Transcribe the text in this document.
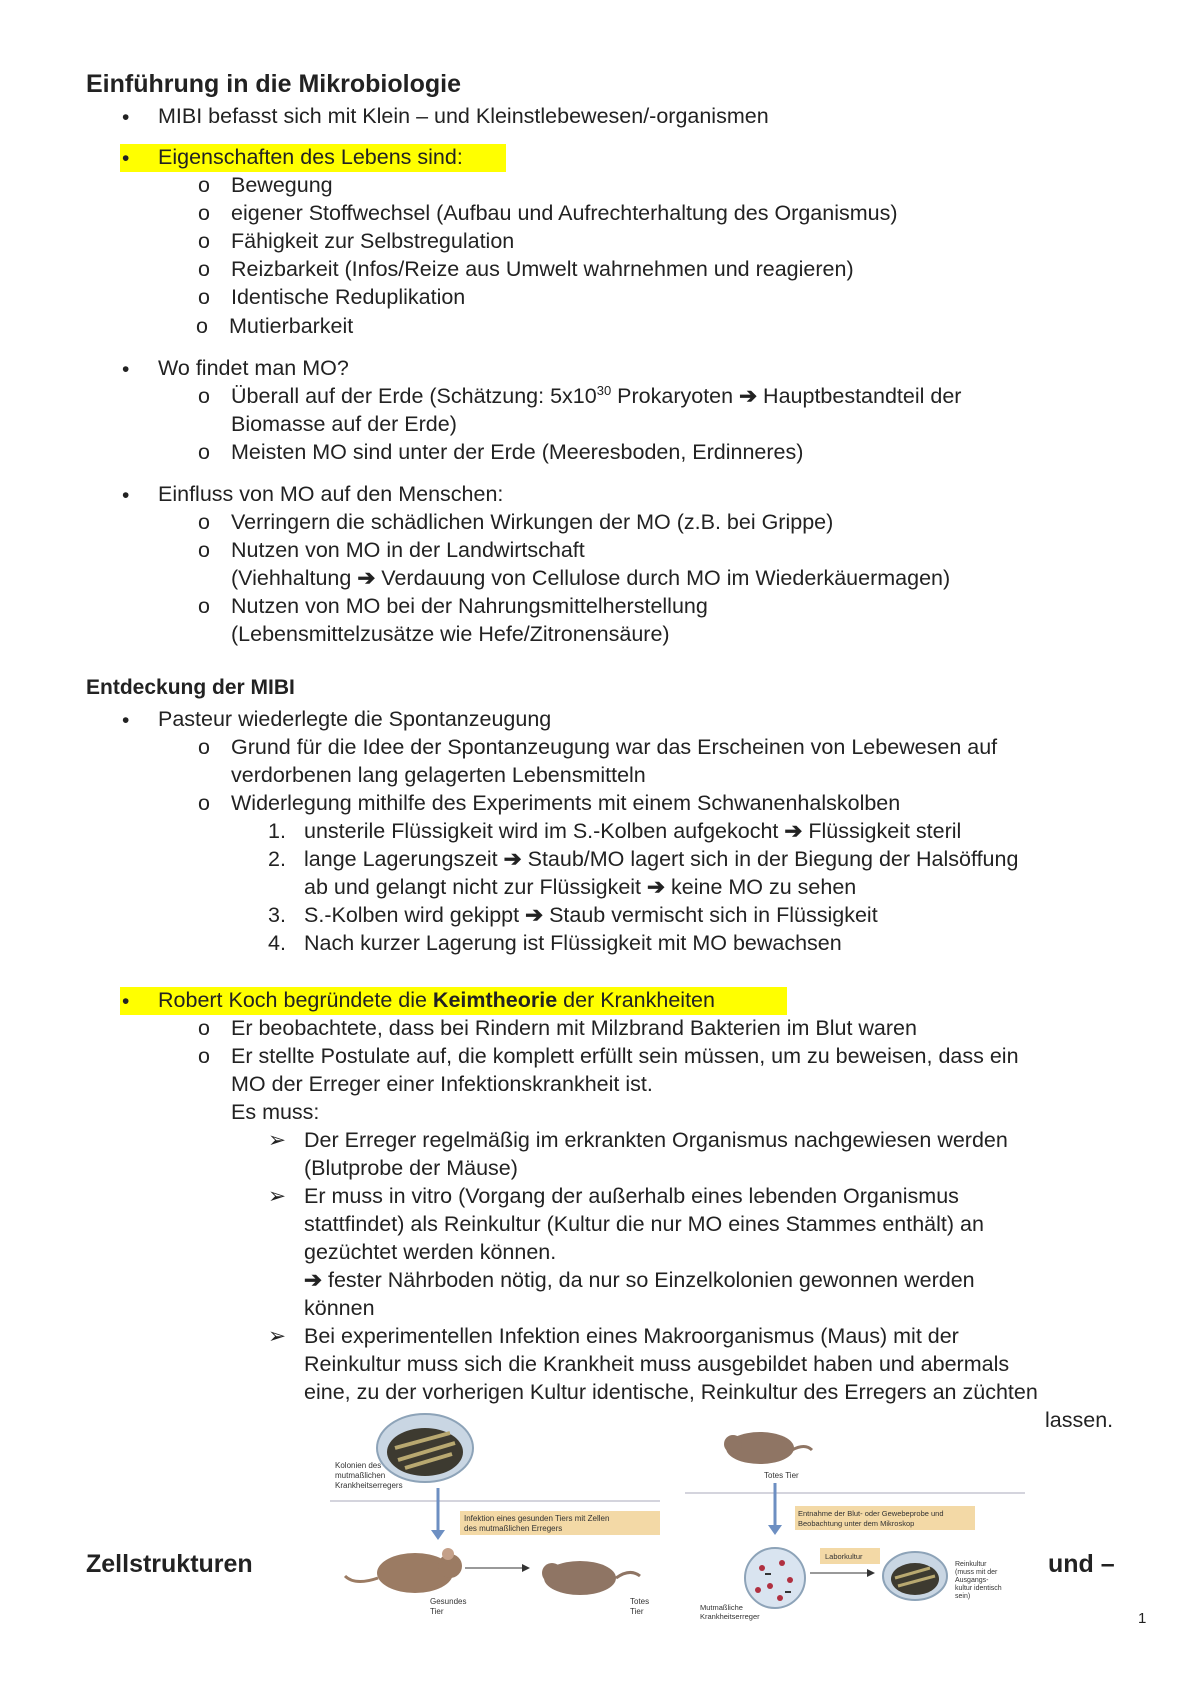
Einführung in die Mikrobiologie
• MIBI befasst sich mit Klein – und Kleinstlebewesen/-organismen
• Eigenschaften des Lebens sind:
o Bewegung
o eigener Stoffwechsel (Aufbau und Aufrechterhaltung des Organismus)
o Fähigkeit zur Selbstregulation
o Reizbarkeit (Infos/Reize aus Umwelt wahrnehmen und reagieren)
o Identische Reduplikation
o Mutierbarkeit
• Wo findet man MO?
o Überall auf der Erde (Schätzung: $5x10^{30}$ Prokaryoten ➔ Hauptbestandteil der
Biomasse auf der Erde)
o Meisten MO sind unter der Erde (Meeresboden, Erdinneres)
• Einfluss von MO auf den Menschen:
o Verringern die schädlichen Wirkungen der MO (z.B. bei Grippe)
o Nutzen von MO in der Landwirtschaft
(Viehhaltung ➔ Verdauung von Cellulose durch MO im Wiederkäuermagen)
o Nutzen von MO bei der Nahrungsmittelherstellung
(Lebensmittelzusätze wie Hefe/Zitronensäure)
Entdeckung der MIBI
• Pasteur wiederlegte die Spontanzeugung
o Grund für die Idee der Spontanzeugung war das Erscheinen von Lebewesen auf
verdorbenen lang gelagerten Lebensmitteln
o Widerlegung mithilfe des Experiments mit einem Schwanenhalskolben
1. unsterile Flüssigkeit wird im S.-Kolben aufgekocht ➔ Flüssigkeit steril
2. lange Lagerungszeit ➔ Staub/MO lagert sich in der Biegung der Halsöffung
ab und gelangt nicht zur Flüssigkeit ➔ keine MO zu sehen
3. S.-Kolben wird gekippt ➔ Staub vermischt sich in Flüssigkeit
4. Nach kurzer Lagerung ist Flüssigkeit mit MO bewachsen
• Robert Koch begründete die Keimtheorie der Krankheiten
o Er beobachtete, dass bei Rindern mit Milzbrand Bakterien im Blut waren
o Er stellte Postulate auf, die komplett erfüllt sein müssen, um zu beweisen, dass ein
MO der Erreger einer Infektionskrankheit ist.
Es muss:
➢ Der Erreger regelmäßig im erkrankten Organismus nachgewiesen werden
(Blutprobe der Mäuse)
➢ Er muss in vitro (Vorgang der außerhalb eines lebenden Organismus
stattfindet) als Reinkultur (Kultur die nur MO eines Stammes enthält) an
gezüchtet werden können.
➔ fester Nährboden nötig, da nur so Einzelkolonien gewonnen werden
können
➢ Bei experimentellen Infektion eines Makroorganismus (Maus) mit der
Reinkultur muss sich die Krankheit muss ausgebildet haben und abermals
eine, zu der vorherigen Kultur identische, Reinkultur des Erregers an züchten
lassen.
Kolonien des
mutmaßlichen
Krankheitserregers
Infektion eines gesunden Tiers mit Zellen
des mutmaßlichen Erregers
Gesundes
Tier
Totes
Tier
Totes Tier
Entnahme der Blut- oder Gewebeprobe und
Beobachtung unter dem Mikroskop
Mutmaßliche
Krankheitserreger
Laborkultur
Reinkultur
(muss mit der
Ausgangs-
kultur identisch
sein)
Zellstrukturen	und –
1
